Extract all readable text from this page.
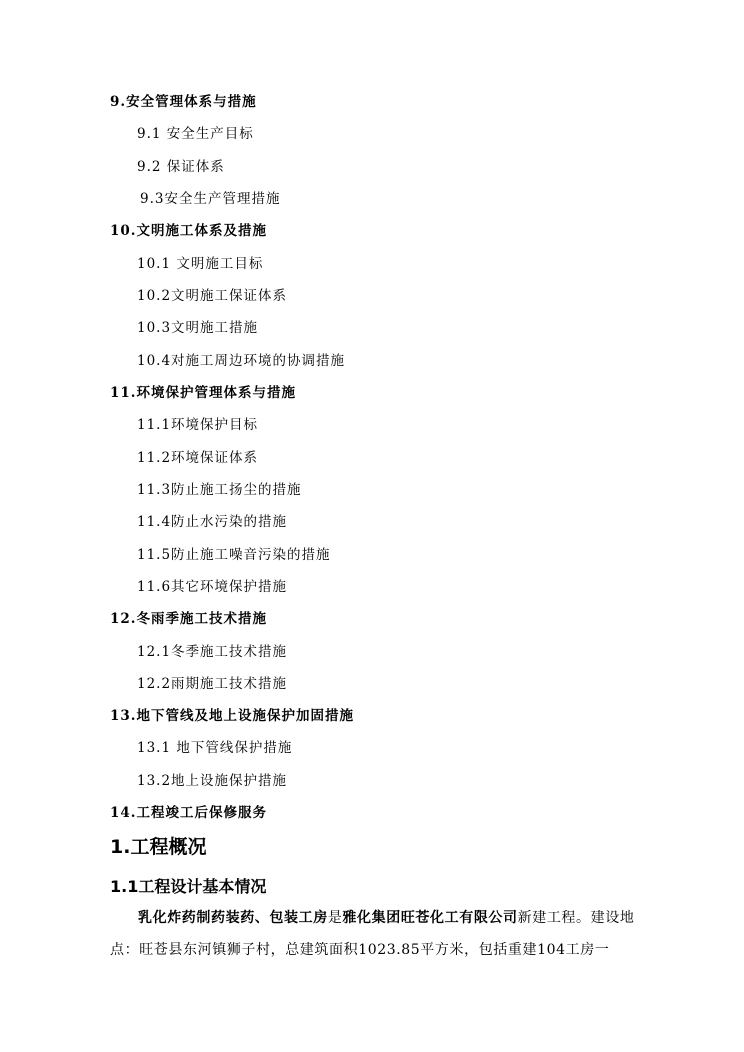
9.安全管理体系与措施
9.1 安全生产目标
9.2 保证体系
9.3安全生产管理措施
10.文明施工体系及措施
10.1 文明施工目标
10.2文明施工保证体系
10.3文明施工措施
10.4对施工周边环境的协调措施
11.环境保护管理体系与措施
11.1环境保护目标
11.2环境保证体系
11.3防止施工扬尘的措施
11.4防止水污染的措施
11.5防止施工噪音污染的措施
11.6其它环境保护措施
12.冬雨季施工技术措施
12.1冬季施工技术措施
12.2雨期施工技术措施
13.地下管线及地上设施保护加固措施
13.1 地下管线保护措施
13.2地上设施保护措施
14.工程竣工后保修服务
1.工程概况
1.1工程设计基本情况
乳化炸药制药装药、包装工房是雅化集团旺苍化工有限公司新建工程。建设地点：旺苍县东河镇狮子村，总建筑面积1023.85平方米，包括重建104工房一
